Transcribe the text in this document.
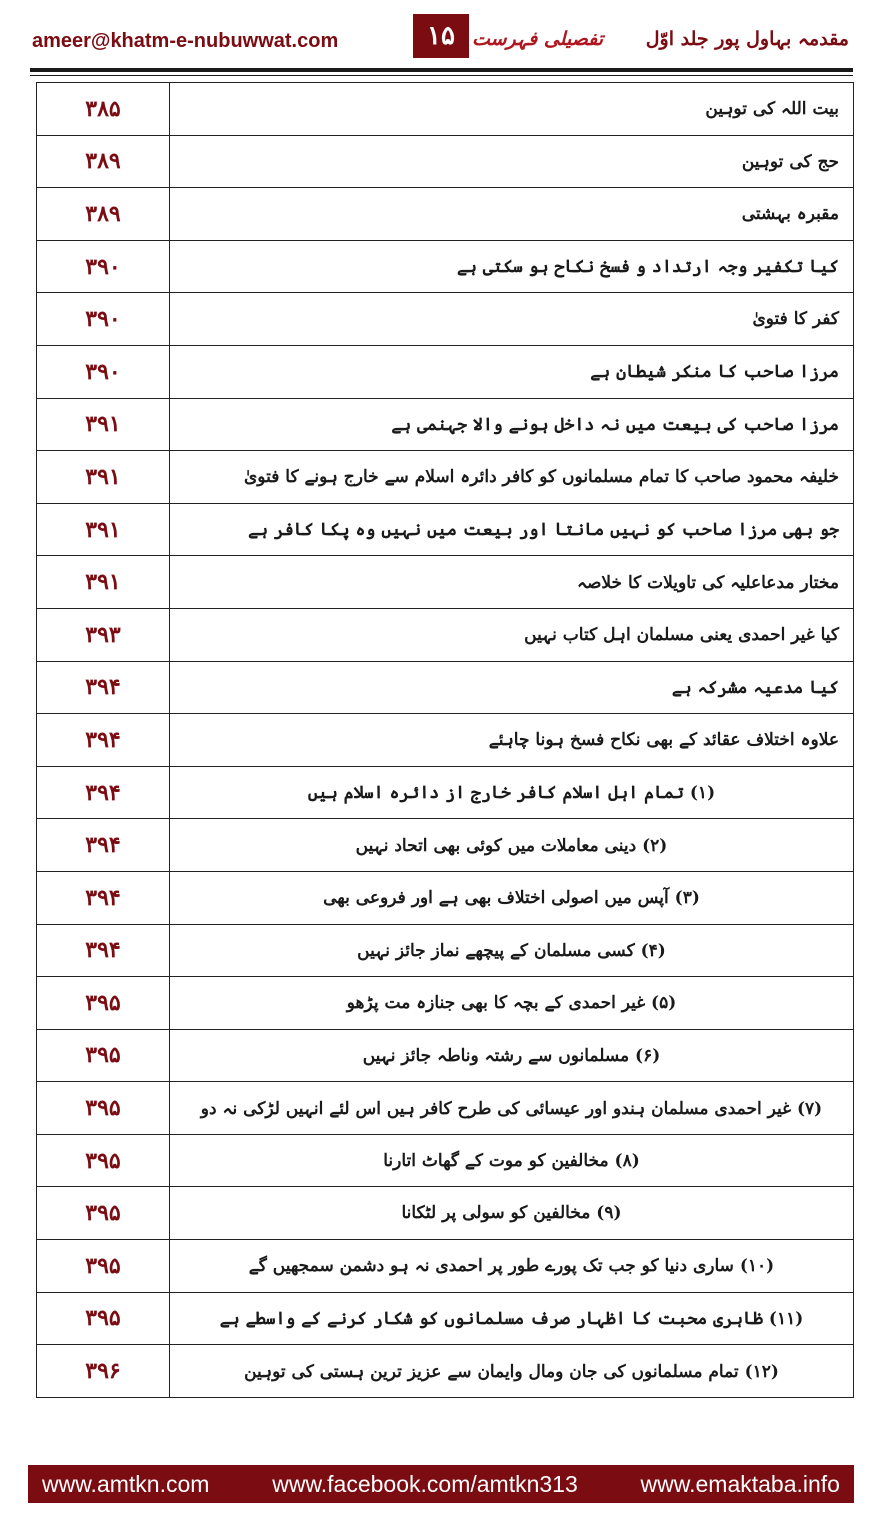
ameer@khatm-e-nubuwwat.com	۱۵	مقدمہ بہاول پور جلد اوّل تفصیلی فہرست
۳۸۵	بیت اللہ کی توہین
۳۸۹	حج کی توہین
۳۸۹	مقبرہ بہشتی
۳۹۰	کیا تکفیر وجہ ارتداد و فسخ نکاح ہو سکتی ہے
۳۹۰	کفر کا فتویٰ
۳۹۰	مرزا صاحب کا منکر شیطان ہے
۳۹۱	مرزا صاحب کی بیعت میں نہ داخل ہونے والا جہنمی ہے
۳۹۱	خلیفہ محمود صاحب کا تمام مسلمانوں کو کافر دائرہ اسلام سے خارج ہونے کا فتویٰ
۳۹۱	جو بھی مرزا صاحب کو نہیں مانتا اور بیعت میں نہیں وہ پکا کافر ہے
۳۹۱	مختار مدعاعلیہ کی تاویلات کا خلاصہ
۳۹۳	کیا غیر احمدی یعنی مسلمان اہل کتاب نہیں
۳۹۴	کیا مدعیہ مشرکہ ہے
۳۹۴	علاوہ اختلاف عقائد کے بھی نکاح فسخ ہونا چاہئے
۳۹۴	(۱) تمام اہل اسلام کافر خارج از دائرہ اسلام ہیں
۳۹۴	(۲) دینی معاملات میں کوئی بھی اتحاد نہیں
۳۹۴	(۳) آپس میں اصولی اختلاف بھی ہے اور فروعی بھی
۳۹۴	(۴) کسی مسلمان کے پیچھے نماز جائز نہیں
۳۹۵	(۵) غیر احمدی کے بچہ کا بھی جنازہ مت پڑھو
۳۹۵	(۶) مسلمانوں سے رشتہ وناطہ جائز نہیں
۳۹۵	(۷) غیر احمدی مسلمان ہندو اور عیسائی کی طرح کافر ہیں اس لئے انہیں لڑکی نہ دو
۳۹۵	(۸) مخالفین کو موت کے گھاٹ اتارنا
۳۹۵	(۹) مخالفین کو سولی پر لٹکانا
۳۹۵	(۱۰) ساری دنیا کو جب تک پورے طور پر احمدی نہ ہو دشمن سمجھیں گے
۳۹۵	(۱۱) ظاہری محبت کا اظہار صرف مسلمانوں کو شکار کرنے کے واسطے ہے
۳۹۶	(۱۲) تمام مسلمانوں کی جان ومال وایمان سے عزیز ترین ہستی کی توہین
www.amtkn.com	www.facebook.com/amtkn313	www.emaktaba.info
